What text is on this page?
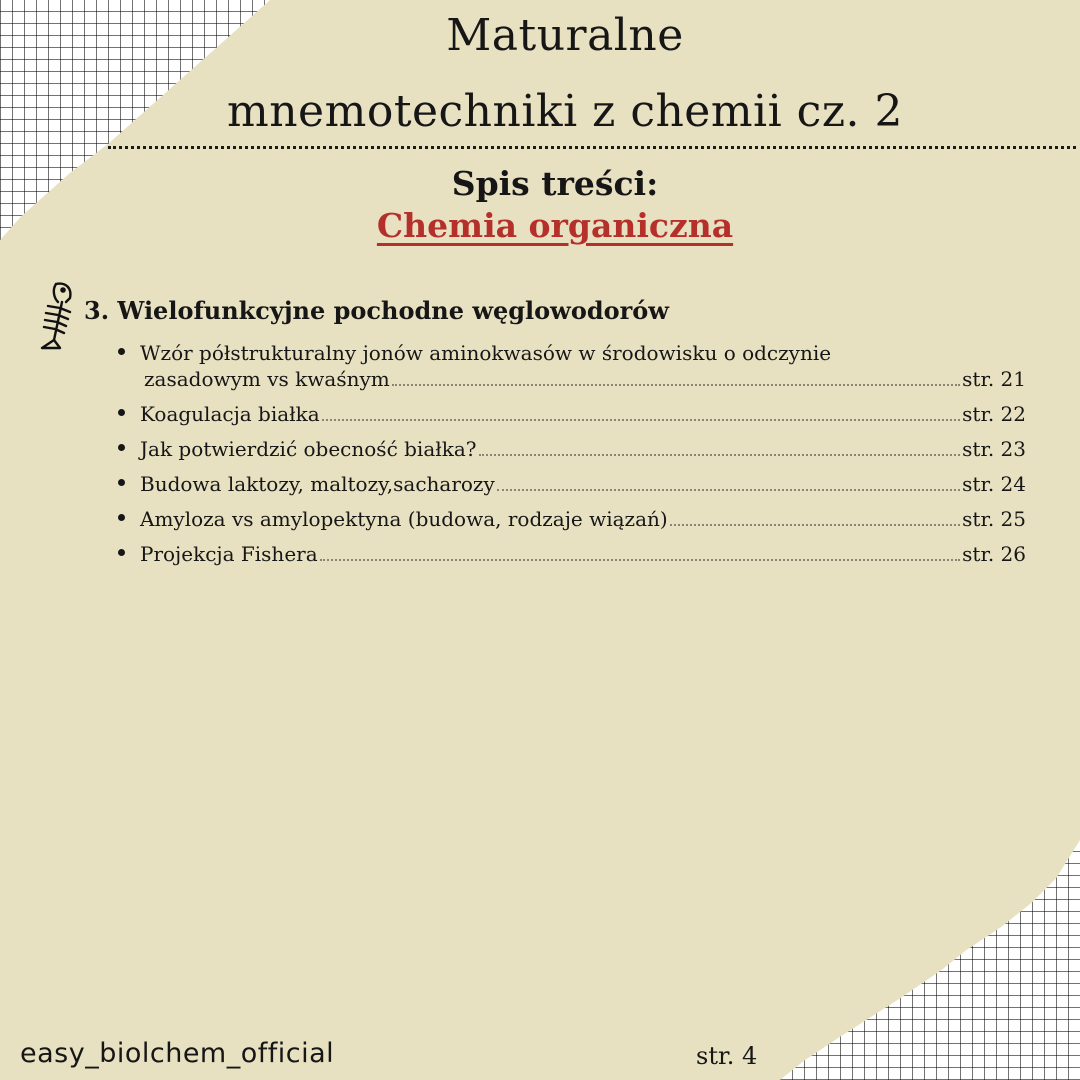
Maturalne
mnemotechniki z chemii cz. 2
Spis treści:
Chemia organiczna
3. Wielofunkcyjne pochodne węglowodorów
Wzór półstrukturalny jonów aminokwasów w środowisku o odczynie
zasadowym vs kwaśnym	str. 21
Koagulacja białka	str. 22
Jak potwierdzić obecność białka?	str. 23
Budowa laktozy, maltozy,sacharozy	str. 24
Amyloza vs amylopektyna (budowa, rodzaje wiązań)	str. 25
Projekcja Fishera	str. 26
easy_biolchem_official	str. 4
